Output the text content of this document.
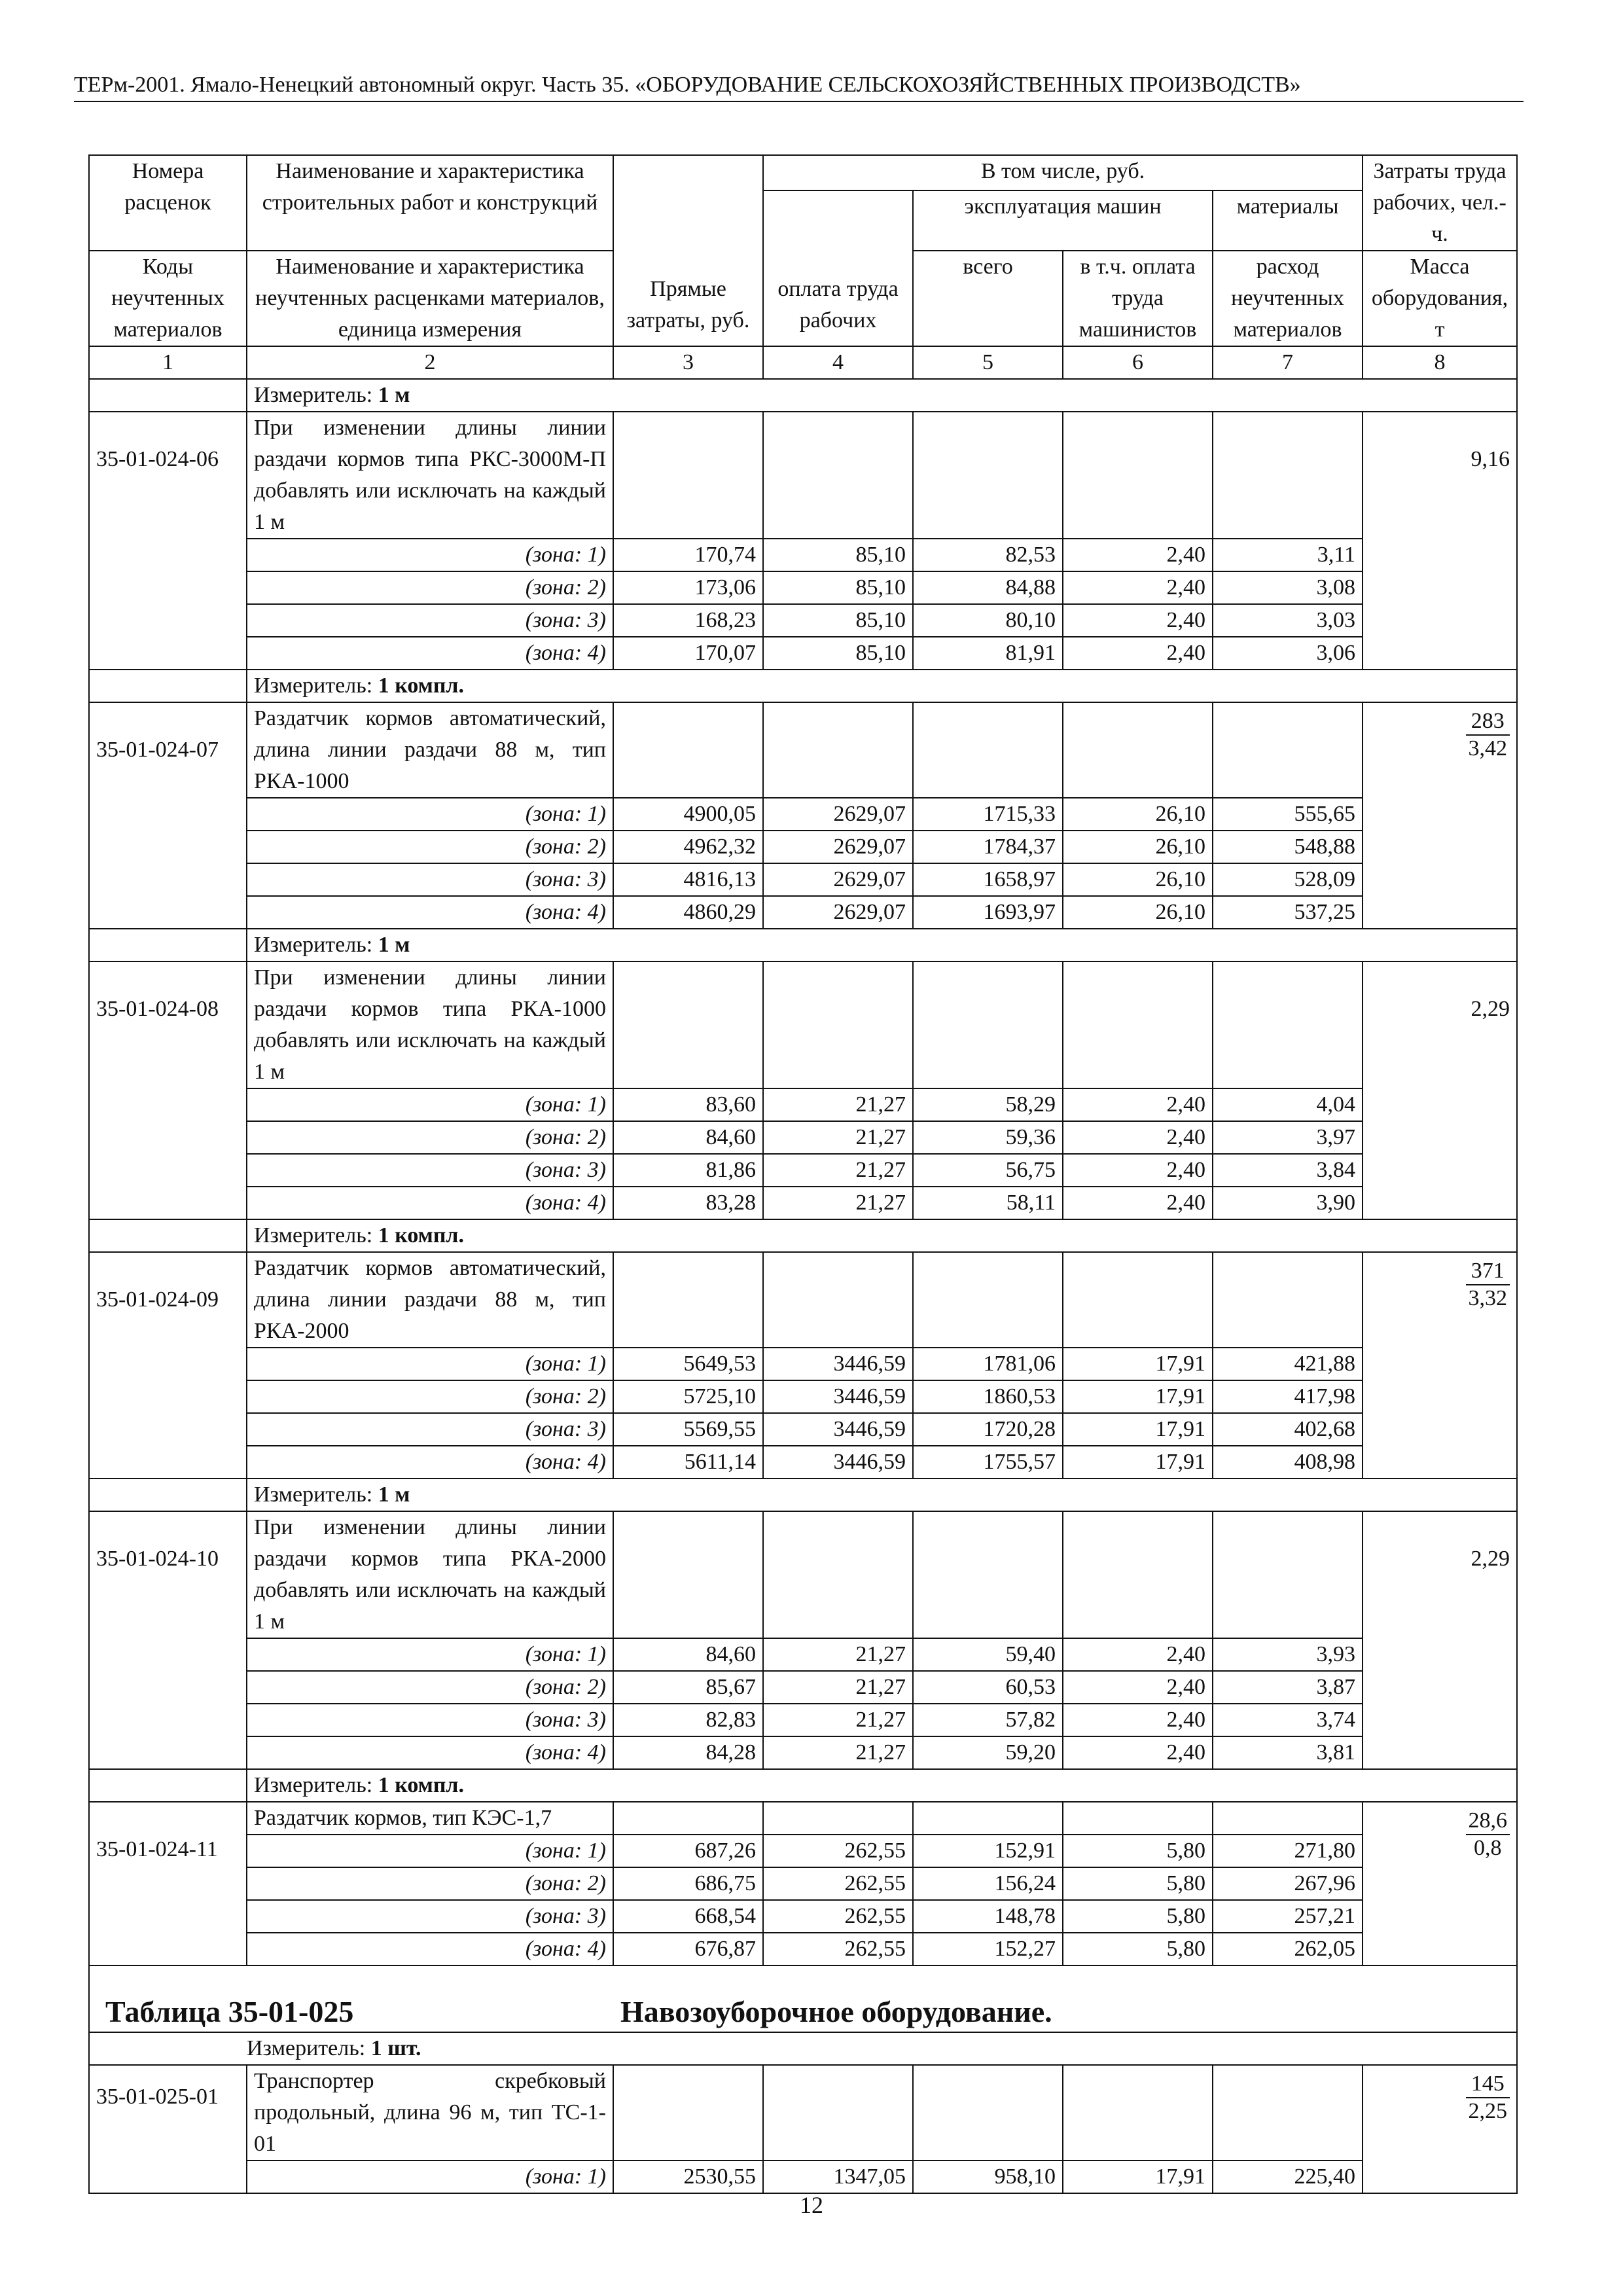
ТЕРм-2001. Ямало-Ненецкий автономный округ. Часть 35. «ОБОРУДОВАНИЕ СЕЛЬСКОХОЗЯЙСТВЕННЫХ ПРОИЗВОДСТВ»
Номера расценок	Наименование и характеристика строительных работ и конструкций	Прямые затраты, руб.	В том числе, руб.				Затраты труда рабочих, чел.-ч.
			оплата труда рабочих	эксплуатация машин		материалы	
Коды неучтенных материалов	Наименование и характеристика неучтенных расценками материалов, единица измерения			всего	в т.ч. оплата труда машинистов	расход неучтенных материалов	Масса оборудования, т
1	2	3	4	5	6	7	8
	Измеритель: 1 м						
35-01-024-06	При изменении длины линии раздачи кормов типа РКС-3000М-П добавлять или исключать на каждый 1 м						9,16

	(зона: 1)	170,74	85,10	82,53	2,40	3,11	
	(зона: 2)	173,06	85,10	84,88	2,40	3,08	
	(зона: 3)	168,23	85,10	80,10	2,40	3,03	
	(зона: 4)	170,07	85,10	81,91	2,40	3,06	
	Измеритель: 1 компл.						
35-01-024-07	Раздатчик кормов автоматический, длина линии раздачи 88 м, тип РКА-1000						$\frac{283}{3,42}$

	(зона: 1)	4900,05	2629,07	1715,33	26,10	555,65	
	(зона: 2)	4962,32	2629,07	1784,37	26,10	548,88	
	(зона: 3)	4816,13	2629,07	1658,97	26,10	528,09	
	(зона: 4)	4860,29	2629,07	1693,97	26,10	537,25	
	Измеритель: 1 м						
35-01-024-08	При изменении длины линии раздачи кормов типа РКА-1000 добавлять или исключать на каждый 1 м						2,29

	(зона: 1)	83,60	21,27	58,29	2,40	4,04	
	(зона: 2)	84,60	21,27	59,36	2,40	3,97	
	(зона: 3)	81,86	21,27	56,75	2,40	3,84	
	(зона: 4)	83,28	21,27	58,11	2,40	3,90	
	Измеритель: 1 компл.						
35-01-024-09	Раздатчик кормов автоматический, длина линии раздачи 88 м, тип РКА-2000						$\frac{371}{3,32}$

	(зона: 1)	5649,53	3446,59	1781,06	17,91	421,88	
	(зона: 2)	5725,10	3446,59	1860,53	17,91	417,98	
	(зона: 3)	5569,55	3446,59	1720,28	17,91	402,68	
	(зона: 4)	5611,14	3446,59	1755,57	17,91	408,98	
	Измеритель: 1 м						
35-01-024-10	При изменении длины линии раздачи кормов типа РКА-2000 добавлять или исключать на каждый 1 м						2,29

	(зона: 1)	84,60	21,27	59,40	2,40	3,93	
	(зона: 2)	85,67	21,27	60,53	2,40	3,87	
	(зона: 3)	82,83	21,27	57,82	2,40	3,74	
	(зона: 4)	84,28	21,27	59,20	2,40	3,81	
	Измеритель: 1 компл.						
35-01-024-11	Раздатчик кормов, тип КЭС-1,7						$\frac{28,6}{0,8}$

	(зона: 1)	687,26	262,55	152,91	5,80	271,80	
	(зона: 2)	686,75	262,55	156,24	5,80	267,96	
	(зона: 3)	668,54	262,55	148,78	5,80	257,21	
	(зона: 4)	676,87	262,55	152,27	5,80	262,05	
Таблица 35-01-025 Навозоуборочное оборудование.							
	Измеритель: 1 шт.						
35-01-025-01	Транспортер скребковый продольный, длина 96 м, тип ТС-1-01						$\frac{145}{2,25}$

	(зона: 1)	2530,55	1347,05	958,10	17,91	225,40	
12
